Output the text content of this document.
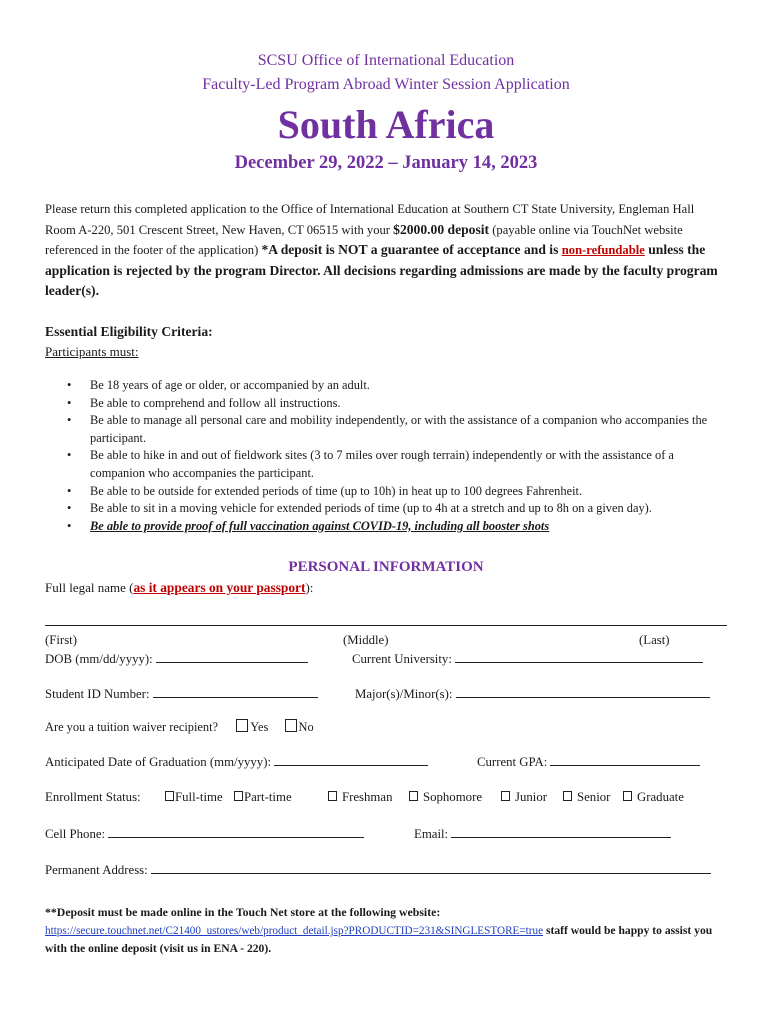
SCSU Office of International Education
Faculty-Led Program Abroad Winter Session Application
South Africa
December 29, 2022 – January 14, 2023
Please return this completed application to the Office of International Education at Southern CT State University, Engleman Hall Room A-220, 501 Crescent Street, New Haven, CT 06515 with your $2000.00 deposit (payable online via TouchNet website referenced in the footer of the application) *A deposit is NOT a guarantee of acceptance and is non-refundable unless the application is rejected by the program Director. All decisions regarding admissions are made by the faculty program leader(s).
Essential Eligibility Criteria:
Participants must:
• Be 18 years of age or older, or accompanied by an adult.
• Be able to comprehend and follow all instructions.
• Be able to manage all personal care and mobility independently, or with the assistance of a companion who accompanies the participant.
• Be able to hike in and out of fieldwork sites (3 to 7 miles over rough terrain) independently or with the assistance of a companion who accompanies the participant.
• Be able to be outside for extended periods of time (up to 10h) in heat up to 100 degrees Fahrenheit.
• Be able to sit in a moving vehicle for extended periods of time (up to 4h at a stretch and up to 8h on a given day).
• Be able to provide proof of full vaccination against COVID-19, including all booster shots
PERSONAL INFORMATION
Full legal name (as it appears on your passport):
(First)	(Middle)	(Last)
DOB (mm/dd/yyyy):	Current University:
Student ID Number:	Major(s)/Minor(s):
Are you a tuition waiver recipient?	Yes No
Anticipated Date of Graduation (mm/yyyy):	Current GPA:
Enrollment Status:	Full-time	Part-time	Freshman	Sophomore	Junior	Senior	Graduate
Cell Phone:	Email:
Permanent Address:
**Deposit must be made online in the Touch Net store at the following website:
https://secure.touchnet.net/C21400_ustores/web/product_detail.jsp?PRODUCTID=231&SINGLESTORE=true staff would be happy to assist you with the online deposit (visit us in ENA - 220).
